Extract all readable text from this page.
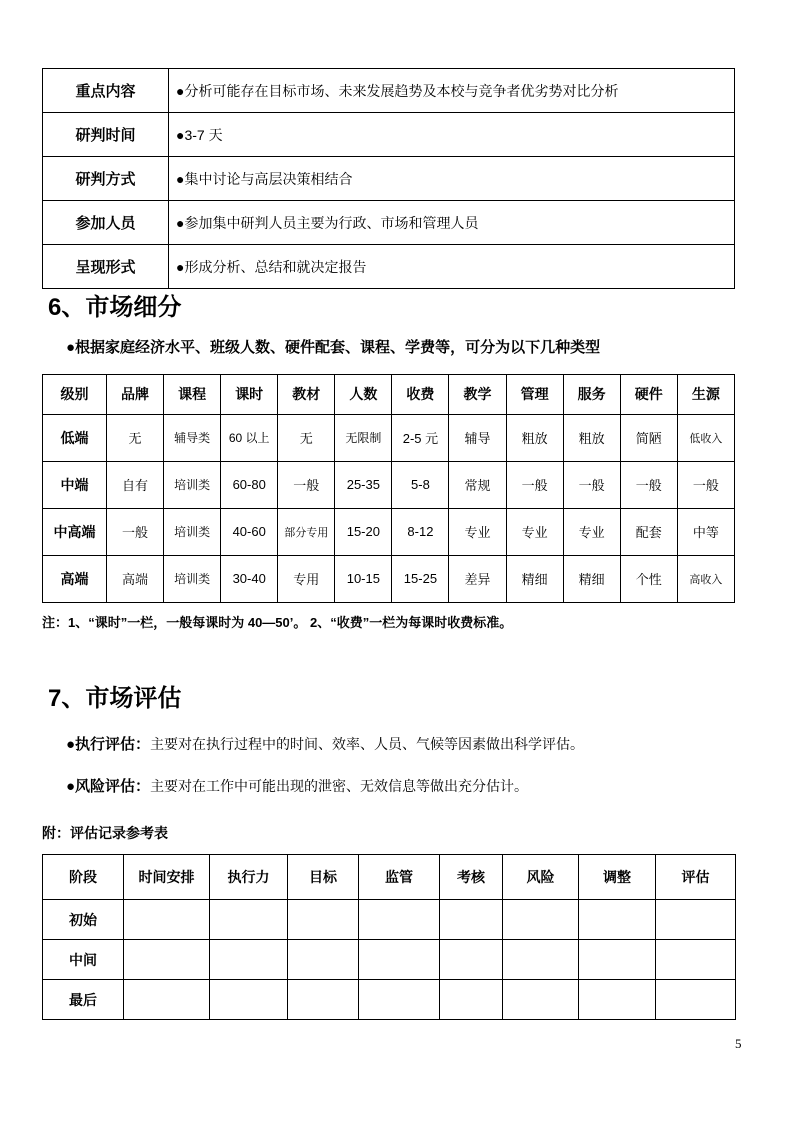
重点内容	●分析可能存在目标市场、未来发展趋势及本校与竞争者优劣势对比分析
研判时间	●3-7 天
研判方式	●集中讨论与高层决策相结合
参加人员	●参加集中研判人员主要为行政、市场和管理人员
呈现形式	●形成分析、总结和就决定报告
6、市场细分
●根据家庭经济水平、班级人数、硬件配套、课程、学费等，可分为以下几种类型
级别	品牌	课程	课时	教材	人数	收费	教学	管理	服务	硬件	生源
低端	无	辅导类	60 以上	无	无限制	2-5 元	辅导	粗放	粗放	简陋	低收入
中端	自有	培训类	60-80	一般	25-35	5-8	常规	一般	一般	一般	一般
中高端	一般	培训类	40-60	部分专用	15-20	8-12	专业	专业	专业	配套	中等
高端	高端	培训类	30-40	专用	10-15	15-25	差异	精细	精细	个性	高收入
注：1、“课时”一栏，一般每课时为 40—50’。 2、“收费”一栏为每课时收费标准。
7、市场评估

●执行评估：主要对在执行过程中的时间、效率、人员、气候等因素做出科学评估。

●风险评估：主要对在工作中可能出现的泄密、无效信息等做出充分估计。

附：评估记录参考表
阶段	时间安排	执行力	目标	监管	考核	风险	调整	评估
初始								
中间								
最后								
5
